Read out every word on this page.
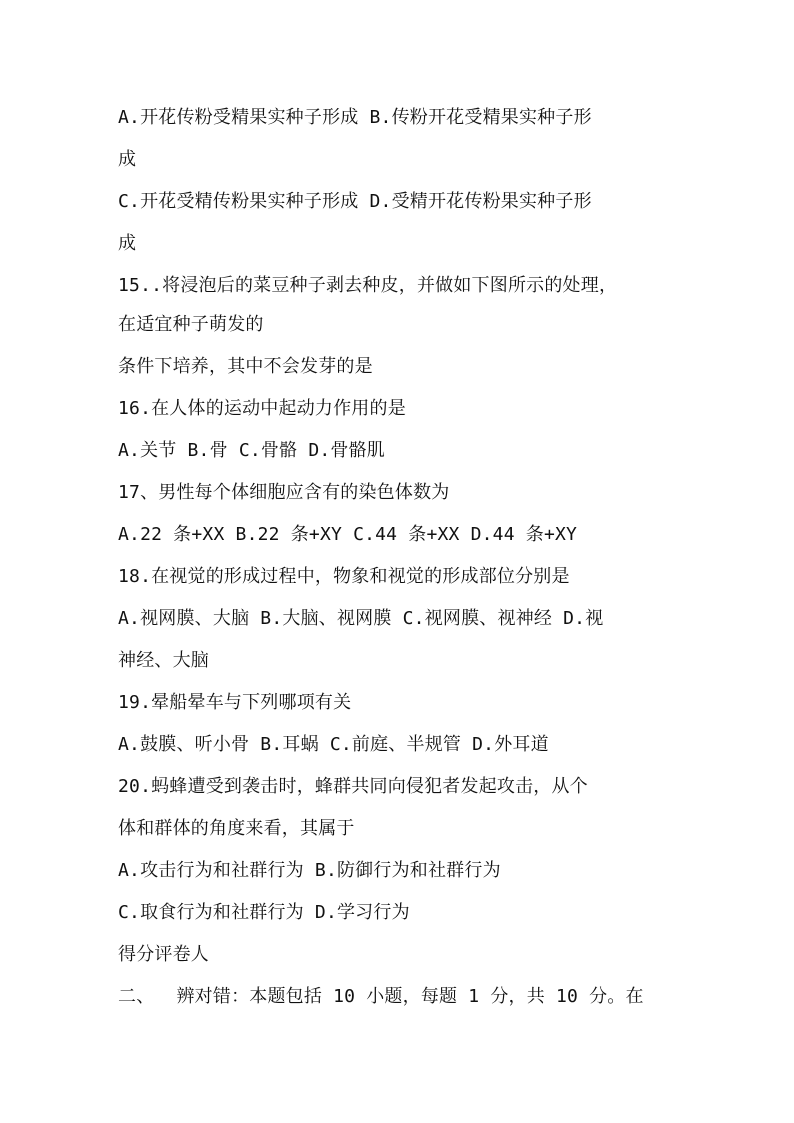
A.开花传粉受精果实种子形成 B.传粉开花受精果实种子形
成
C.开花受精传粉果实种子形成 D.受精开花传粉果实种子形
成
15..将浸泡后的菜豆种子剥去种皮，并做如下图所示的处理，
在适宜种子萌发的
条件下培养，其中不会发芽的是
16.在人体的运动中起动力作用的是
A.关节 B.骨 C.骨骼 D.骨骼肌
17、男性每个体细胞应含有的染色体数为
A.22 条+XX B.22 条+XY C.44 条+XX D.44 条+XY
18.在视觉的形成过程中，物象和视觉的形成部位分别是
A.视网膜、大脑 B.大脑、视网膜 C.视网膜、视神经 D.视
神经、大脑
19.晕船晕车与下列哪项有关
A.鼓膜、听小骨 B.耳蜗 C.前庭、半规管 D.外耳道
20.蚂蜂遭受到袭击时，蜂群共同向侵犯者发起攻击，从个
体和群体的角度来看，其属于
A.攻击行为和社群行为 B.防御行为和社群行为
C.取食行为和社群行为 D.学习行为
得分评卷人
二、  辨对错：本题包括 10 小题，每题 1 分，共 10 分。在
